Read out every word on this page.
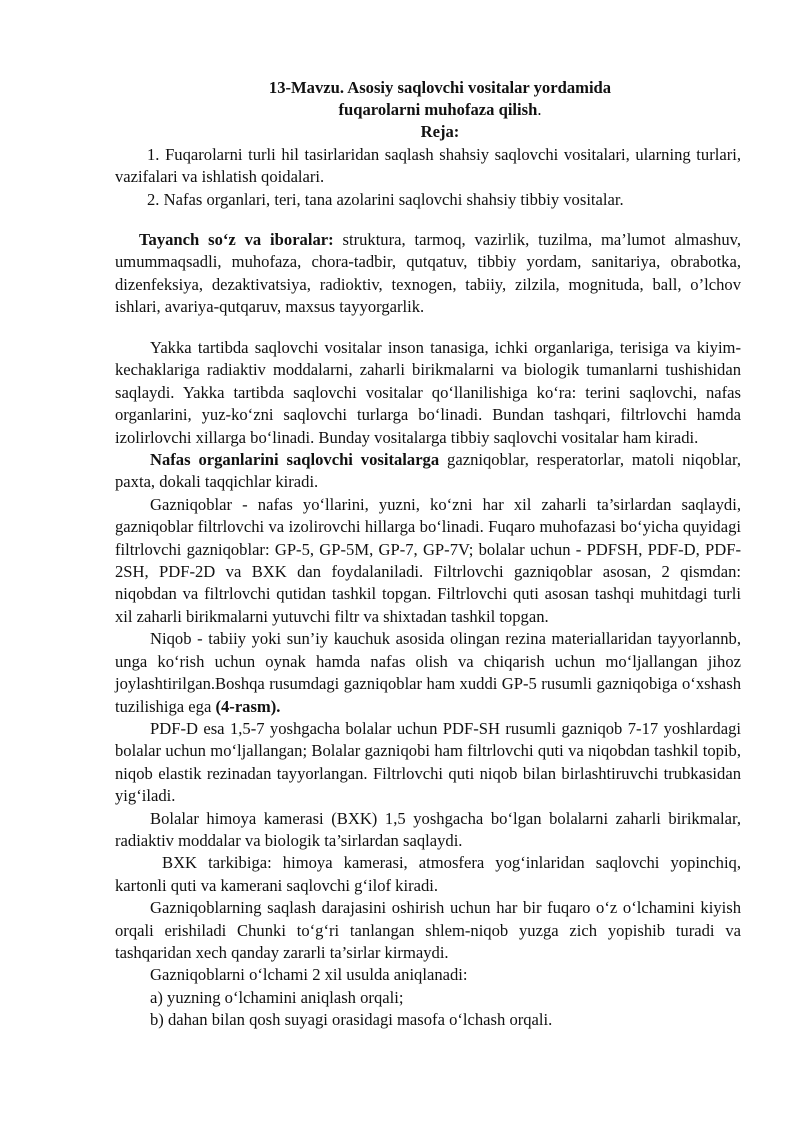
13-Mavzu. Asosiy saqlovchi vositalar yordamida
fuqarolarni muhofaza qilish.
Reja:

1. Fuqarolarni turli hil tasirlaridan saqlash shahsiy saqlovchi vositalari, ularning turlari, vazifalari va ishlatish qoidalari.

2. Nafas organlari, teri, tana azolarini saqlovchi shahsiy tibbiy vositalar.

Tayanch so‘z va iboralar: struktura, tarmoq, vazirlik, tuzilma, ma’lumot almashuv, umummaqsadli, muhofaza, chora-tadbir, qutqatuv, tibbiy yordam, sanitariya, obrabotka, dizenfeksiya, dezaktivatsiya, radioktiv, texnogen, tabiiy, zilzila, mognituda, ball, o’lchov ishlari, avariya-qutqaruv, maxsus tayyorgarlik.

Yakka tartibda saqlovchi vositalar inson tanasiga, ichki organlariga, terisiga va kiyim-kechaklariga radiaktiv moddalarni, zaharli birikmalarni va biologik tumanlarni tushishidan saqlaydi. Yakka tartibda saqlovchi vositalar qo‘llanilishiga ko‘ra: terini saqlovchi, nafas organlarini, yuz-ko‘zni saqlovchi turlarga bo‘linadi. Bundan tashqari, filtrlovchi hamda izolirlovchi xillarga bo‘linadi. Bunday vositalarga tibbiy saqlovchi vositalar ham kiradi.

Nafas organlarini saqlovchi vositalarga gazniqoblar, resperatorlar, matoli niqoblar, paxta, dokali taqqichlar kiradi.

Gazniqoblar - nafas yo‘llarini, yuzni, ko‘zni har xil zaharli ta’sirlardan saqlaydi, gazniqoblar filtrlovchi va izolirovchi hillarga bo‘linadi. Fuqaro muhofazasi bo‘yicha quyidagi filtrlovchi gazniqoblar: GP-5, GP-5M, GP-7, GP-7V; bolalar uchun - PDFSH, PDF-D, PDF-2SH, PDF-2D va BXK dan foydalaniladi. Filtrlovchi gazniqoblar asosan, 2 qismdan: niqobdan va filtrlovchi qutidan tashkil topgan. Filtrlovchi quti asosan tashqi muhitdagi turli xil zaharli birikmalarni yutuvchi filtr va shixtadan tashkil topgan.

Niqob - tabiiy yoki sun’iy kauchuk asosida olingan rezina materiallaridan tayyorlannb, unga ko‘rish uchun oynak hamda nafas olish va chiqarish uchun mo‘ljallangan jihoz joylashtirilgan.Boshqa rusumdagi gazniqoblar ham xuddi GP-5 rusumli gazniqobiga o‘xshash tuzilishiga ega (4-rasm).

PDF-D esa 1,5-7 yoshgacha bolalar uchun PDF-SH rusumli gazniqob 7-17 yoshlardagi bolalar uchun mo‘ljallangan; Bolalar gazniqobi ham filtrlovchi quti va niqobdan tashkil topib, niqob elastik rezinadan tayyorlangan. Filtrlovchi quti niqob bilan birlashtiruvchi trubkasidan yig‘iladi.

Bolalar himoya kamerasi (BXK) 1,5 yoshgacha bo‘lgan bolalarni zaharli birikmalar, radiaktiv moddalar va biologik ta’sirlardan saqlaydi.

BXK tarkibiga: himoya kamerasi, atmosfera yog‘inlaridan saqlovchi yopinchiq, kartonli quti va kamerani saqlovchi g‘ilof kiradi.

Gazniqoblarning saqlash darajasini oshirish uchun har bir fuqaro o‘z o‘lchamini kiyish orqali erishiladi Chunki to‘g‘ri tanlangan shlem-niqob yuzga zich yopishib turadi va tashqaridan xech qanday zararli ta’sirlar kirmaydi.

Gazniqoblarni o‘lchami 2 xil usulda aniqlanadi:

a) yuzning o‘lchamini aniqlash orqali;

b) dahan bilan qosh suyagi orasidagi masofa o‘lchash orqali.
